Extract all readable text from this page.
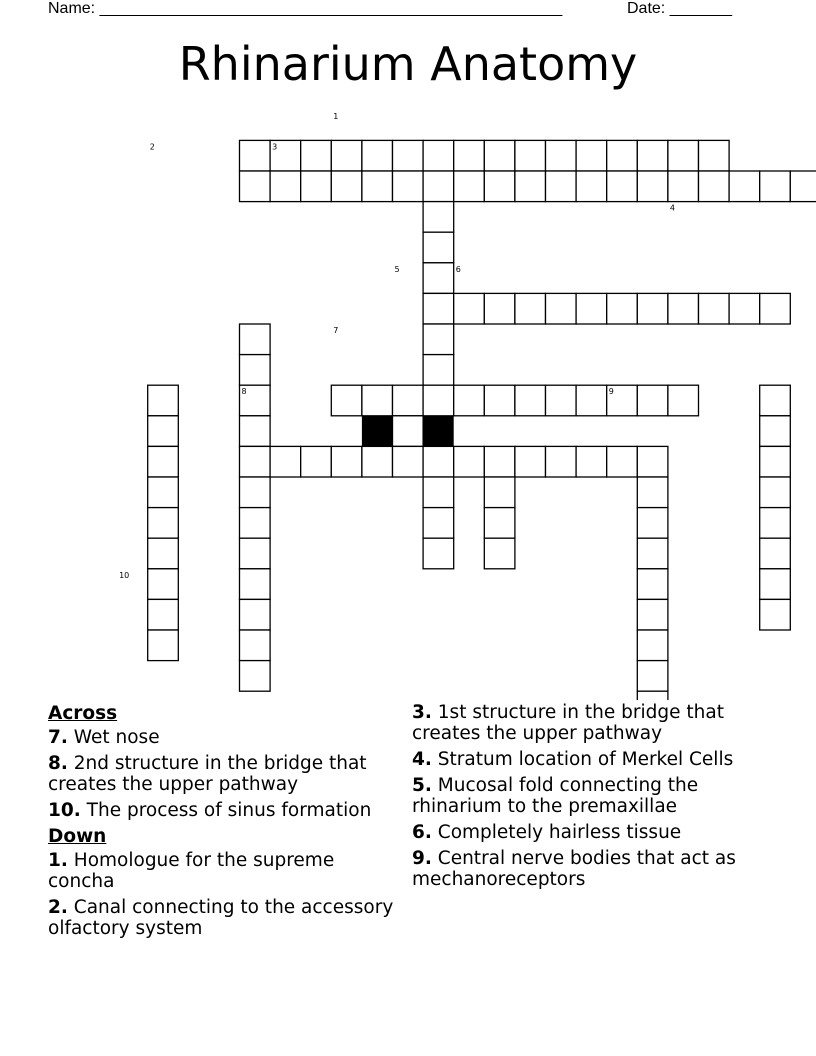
Name: ____________________________________________________	Date: _______
Rhinarium Anatomy
1
2	3
4
5	6
7
8	9
10
Across
7. Wet nose
8. 2nd structure in the bridge that creates the upper pathway
10. The process of sinus formation
Down
1. Homologue for the supreme concha
2. Canal connecting to the accessory olfactory system
3. 1st structure in the bridge that creates the upper pathway
4. Stratum location of Merkel Cells
5. Mucosal fold connecting the rhinarium to the premaxillae
6. Completely hairless tissue
9. Central nerve bodies that act as mechanoreceptors
